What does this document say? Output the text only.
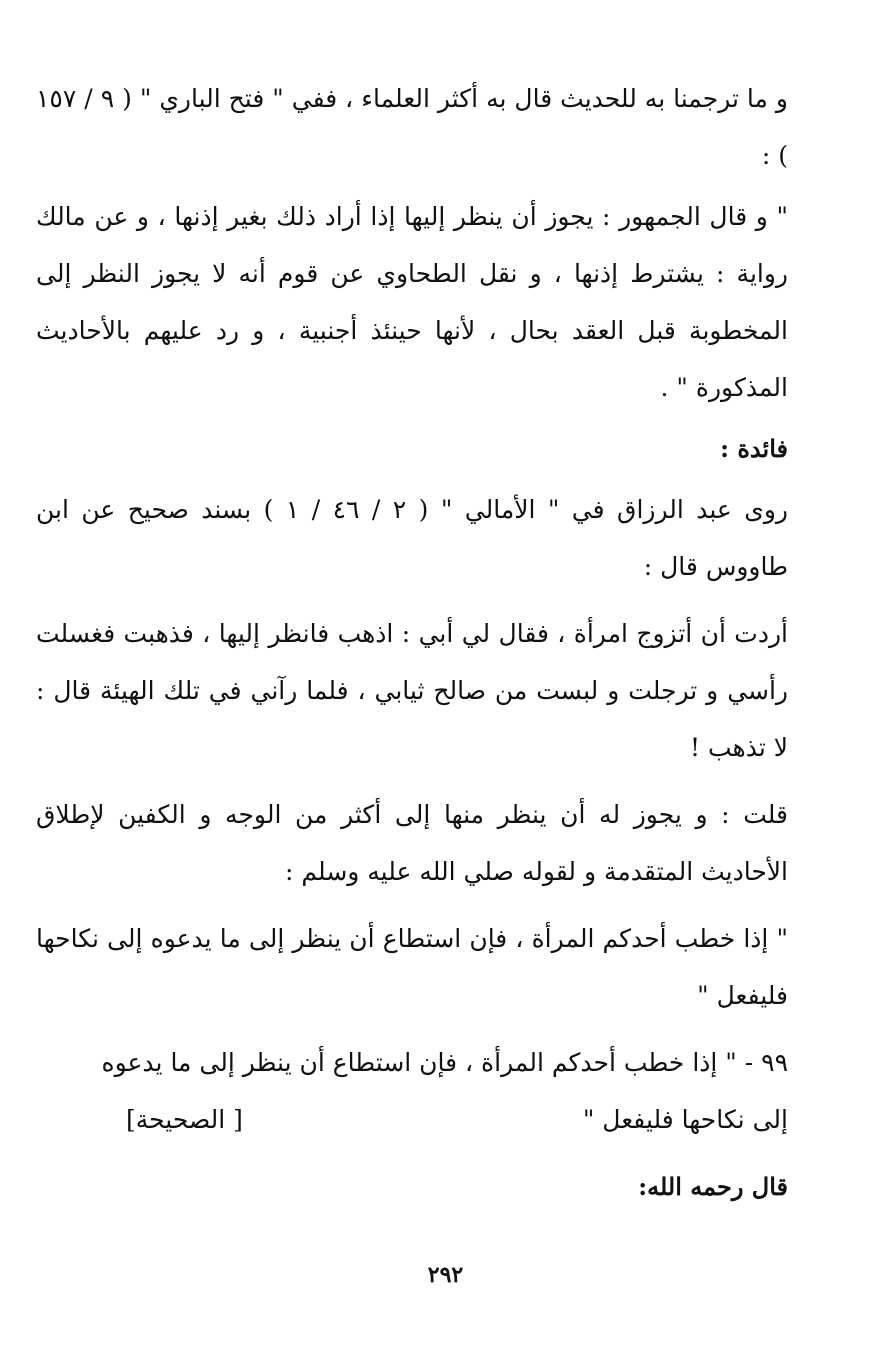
و ما ترجمنا به للحديث قال به أكثر العلماء ، ففي " فتح الباري " ( ٩ / ١٥٧ ) :

" و قال الجمهور : يجوز أن ينظر إليها إذا أراد ذلك بغير إذنها ، و عن مالك رواية : يشترط إذنها ، و نقل الطحاوي عن قوم أنه لا يجوز النظر إلى المخطوبة قبل العقد بحال ، لأنها حينئذ أجنبية ، و رد عليهم بالأحاديث المذكورة " .

فائدة :

روى عبد الرزاق في " الأمالي " ( ٢ / ٤٦ / ١ ) بسند صحيح عن ابن طاووس قال :

أردت أن أتزوج امرأة ، فقال لي أبي : اذهب فانظر إليها ، فذهبت فغسلت رأسي و ترجلت و لبست من صالح ثيابي ، فلما رآني في تلك الهيئة قال : لا تذهب !

قلت : و يجوز له أن ينظر منها إلى أكثر من الوجه و الكفين لإطلاق الأحاديث المتقدمة و لقوله صلي الله عليه وسلم :

" إذا خطب أحدكم المرأة ، فإن استطاع أن ينظر إلى ما يدعوه إلى نكاحها فليفعل "

٩٩ - " إذا خطب أحدكم المرأة ، فإن استطاع أن ينظر إلى ما يدعوه
إلى نكاحها فليفعل "
[ الصحيحة]
قال رحمه الله:
٢٩٢
